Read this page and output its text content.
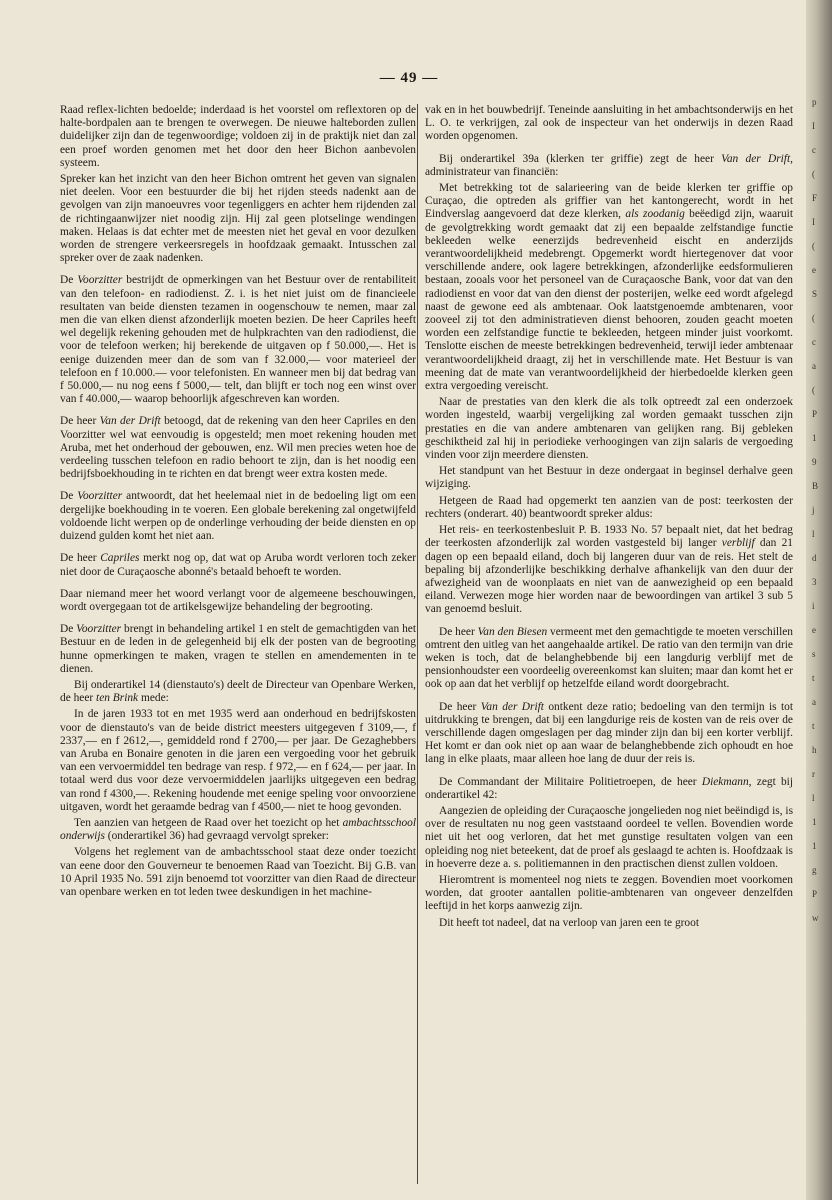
— 49 —

Raad reflex-lichten bedoelde; inderdaad is het voorstel om reflextoren op de halte-bordpalen aan te brengen te overwegen. De nieuwe halteborden zullen duidelijker zijn dan de tegenwoordige; voldoen zij in de praktijk niet dan zal een proef worden genomen met het door den heer Bichon aanbevolen systeem.

Spreker kan het inzicht van den heer Bichon omtrent het geven van signalen niet deelen. Voor een bestuurder die bij het rijden steeds nadenkt aan de gevolgen van zijn manoeuvres voor tegenliggers en achter hem rijdenden zal de richtingaanwijzer niet noodig zijn. Hij zal geen plotselinge wendingen maken. Helaas is dat echter met de meesten niet het geval en voor dezulken worden de strengere verkeersregels in hoofdzaak gemaakt. Intusschen zal spreker over de zaak nadenken.

De Voorzitter bestrijdt de opmerkingen van het Bestuur over de rentabiliteit van den telefoon- en radiodienst. Z. i. is het niet juist om de financieele resultaten van beide diensten tezamen in oogenschouw te nemen, maar zal men die van elken dienst afzonderlijk moeten bezien. De heer Capriles heeft wel degelijk rekening gehouden met de hulpkrachten van den radiodienst, die voor de telefoon werken; hij berekende de uitgaven op f 50.000,—. Het is eenige duizenden meer dan de som van f 32.000,— voor materieel der telefoon en f 10.000.— voor telefonisten. En wanneer men bij dat bedrag van f 50.000,— nu nog eens f 5000,— telt, dan blijft er toch nog een winst over van f 40.000,— waarop behoorlijk afgeschreven kan worden.

De heer Van der Drift betoogd, dat de rekening van den heer Capriles en den Voorzitter wel wat eenvoudig is opgesteld; men moet rekening houden met Aruba, met het onderhoud der gebouwen, enz. Wil men precies weten hoe de verdeeling tusschen telefoon en radio behoort te zijn, dan is het noodig een bedrijfsboekhouding in te richten en dat brengt weer extra kosten mede.

De Voorzitter antwoordt, dat het heelemaal niet in de bedoeling ligt om een dergelijke boekhouding in te voeren. Een globale berekening zal ongetwijfeld voldoende licht werpen op de onderlinge verhouding der beide diensten en op duizend gulden komt het niet aan.

De heer Capriles merkt nog op, dat wat op Aruba wordt verloren toch zeker niet door de Curaçaosche abonné's betaald behoeft te worden.

Daar niemand meer het woord verlangt voor de algemeene beschouwingen, wordt overgegaan tot de artikelsgewijze behandeling der begrooting.

De Voorzitter brengt in behandeling artikel 1 en stelt de gemachtigden van het Bestuur en de leden in de gelegenheid bij elk der posten van de begrooting hunne opmerkingen te maken, vragen te stellen en amendementen in te dienen.

Bij onderartikel 14 (dienstauto's) deelt de Directeur van Openbare Werken, de heer ten Brink mede:

In de jaren 1933 tot en met 1935 werd aan onderhoud en bedrijfskosten voor de dienstauto's van de beide district meesters uitgegeven f 3109,—, f 2337,— en f 2612,—, gemiddeld rond f 2700,— per jaar. De Gezaghebbers van Aruba en Bonaire genoten in die jaren een vergoeding voor het gebruik van een vervoermiddel ten bedrage van resp. f 972,— en f 624,— per jaar. In totaal werd dus voor deze vervoermiddelen jaarlijks uitgegeven een bedrag van rond f 4300,—. Rekening houdende met eenige speling voor onvoorziene uitgaven, wordt het geraamde bedrag van f 4500,— niet te hoog gevonden.

Ten aanzien van hetgeen de Raad over het toezicht op het ambachtsschool onderwijs (onderartikel 36) had gevraagd vervolgt spreker:

Volgens het reglement van de ambachtsschool staat deze onder toezicht van eene door den Gouverneur te benoemen Raad van Toezicht. Bij G.B. van 10 April 1935 No. 591 zijn benoemd tot voorzitter van dien Raad de directeur van openbare werken en tot leden twee deskundigen in het machine-

vak en in het bouwbedrijf. Teneinde aansluiting in het ambachtsonderwijs en het L. O. te verkrijgen, zal ook de inspecteur van het onderwijs in dezen Raad worden opgenomen.

Bij onderartikel 39a (klerken ter griffie) zegt de heer Van der Drift, administrateur van financiën:

Met betrekking tot de salarieering van de beide klerken ter griffie op Curaçao, die optreden als griffier van het kantongerecht, wordt in het Eindverslag aangevoerd dat deze klerken, als zoodanig beëedigd zijn, waaruit de gevolgtrekking wordt gemaakt dat zij een bepaalde zelfstandige functie bekleeden welke eenerzijds bedrevenheid eischt en anderzijds verantwoordelijkheid medebrengt. Opgemerkt wordt hiertegenover dat voor verschillende andere, ook lagere betrekkingen, afzonderlijke eedsformulieren bestaan, zooals voor het personeel van de Curaçaosche Bank, voor dat van den radiodienst en voor dat van den dienst der posterijen, welke eed wordt afgelegd naast de gewone eed als ambtenaar. Ook laatstgenoemde ambtenaren, voor zooveel zij tot den administratieven dienst behooren, zouden geacht moeten worden een zelfstandige functie te bekleeden, hetgeen minder juist voorkomt. Tenslotte eischen de meeste betrekkingen bedrevenheid, terwijl ieder ambtenaar verantwoordelijkheid draagt, zij het in verschillende mate. Het Bestuur is van meening dat de mate van verantwoordelijkheid der hierbedoelde klerken geen extra vergoeding vereischt.

Naar de prestaties van den klerk die als tolk optreedt zal een onderzoek worden ingesteld, waarbij vergelijking zal worden gemaakt tusschen zijn prestaties en die van andere ambtenaren van gelijken rang. Bij gebleken geschiktheid zal hij in periodieke verhoogingen van zijn salaris de vergoeding vinden voor zijn meerdere diensten.

Het standpunt van het Bestuur in deze ondergaat in beginsel derhalve geen wijziging.

Hetgeen de Raad had opgemerkt ten aanzien van de post: teerkosten der rechters (onderart. 40) beantwoordt spreker aldus:

Het reis- en teerkostenbesluit P. B. 1933 No. 57 bepaalt niet, dat het bedrag der teerkosten afzonderlijk zal worden vastgesteld bij langer verblijf dan 21 dagen op een bepaald eiland, doch bij langeren duur van de reis. Het stelt de bepaling bij afzonderlijke beschikking derhalve afhankelijk van den duur der afwezigheid van de woonplaats en niet van de aanwezigheid op een bepaald eiland. Verwezen moge hier worden naar de bewoordingen van artikel 3 sub 5 van genoemd besluit.

De heer Van den Biesen vermeent met den gemachtigde te moeten verschillen omtrent den uitleg van het aangehaalde artikel. De ratio van den termijn van drie weken is toch, dat de belanghebbende bij een langdurig verblijf met de pensionhoudster een voordeelig overeenkomst kan sluiten; maar dan komt het er ook op aan dat het verblijf op hetzelfde eiland wordt doorgebracht.

De heer Van der Drift ontkent deze ratio; bedoeling van den termijn is tot uitdrukking te brengen, dat bij een langdurige reis de kosten van de reis over de verschillende dagen omgeslagen per dag minder zijn dan bij een korter verblijf. Het komt er dan ook niet op aan waar de belanghebbende zich ophoudt en hoe lang in elke plaats, maar alleen hoe lang de duur der reis is.

De Commandant der Militaire Politietroepen, de heer Diekmann, zegt bij onderartikel 42:

Aangezien de opleiding der Curaçaosche jongelieden nog niet beëindigd is, is over de resultaten nu nog geen vaststaand oordeel te vellen. Bovendien worde niet uit het oog verloren, dat het met gunstige resultaten volgen van een opleiding nog niet beteekent, dat de proef als geslaagd te achten is. Hoofdzaak is in hoeverre deze a. s. politiemannen in den practischen dienst zullen voldoen.

Hieromtrent is momenteel nog niets te zeggen. Bovendien moet voorkomen worden, dat grooter aantallen politie-ambtenaren van ongeveer denzelfden leeftijd in het korps aanwezig zijn.

Dit heeft tot nadeel, dat na verloop van jaren een te groot

p
I
c
(
F
I
(
e
S
(
c
a
(
P
1
9
B
j
l
d
3
i
e
s
t
a
t
h
r
l
1
1
g
P
w
